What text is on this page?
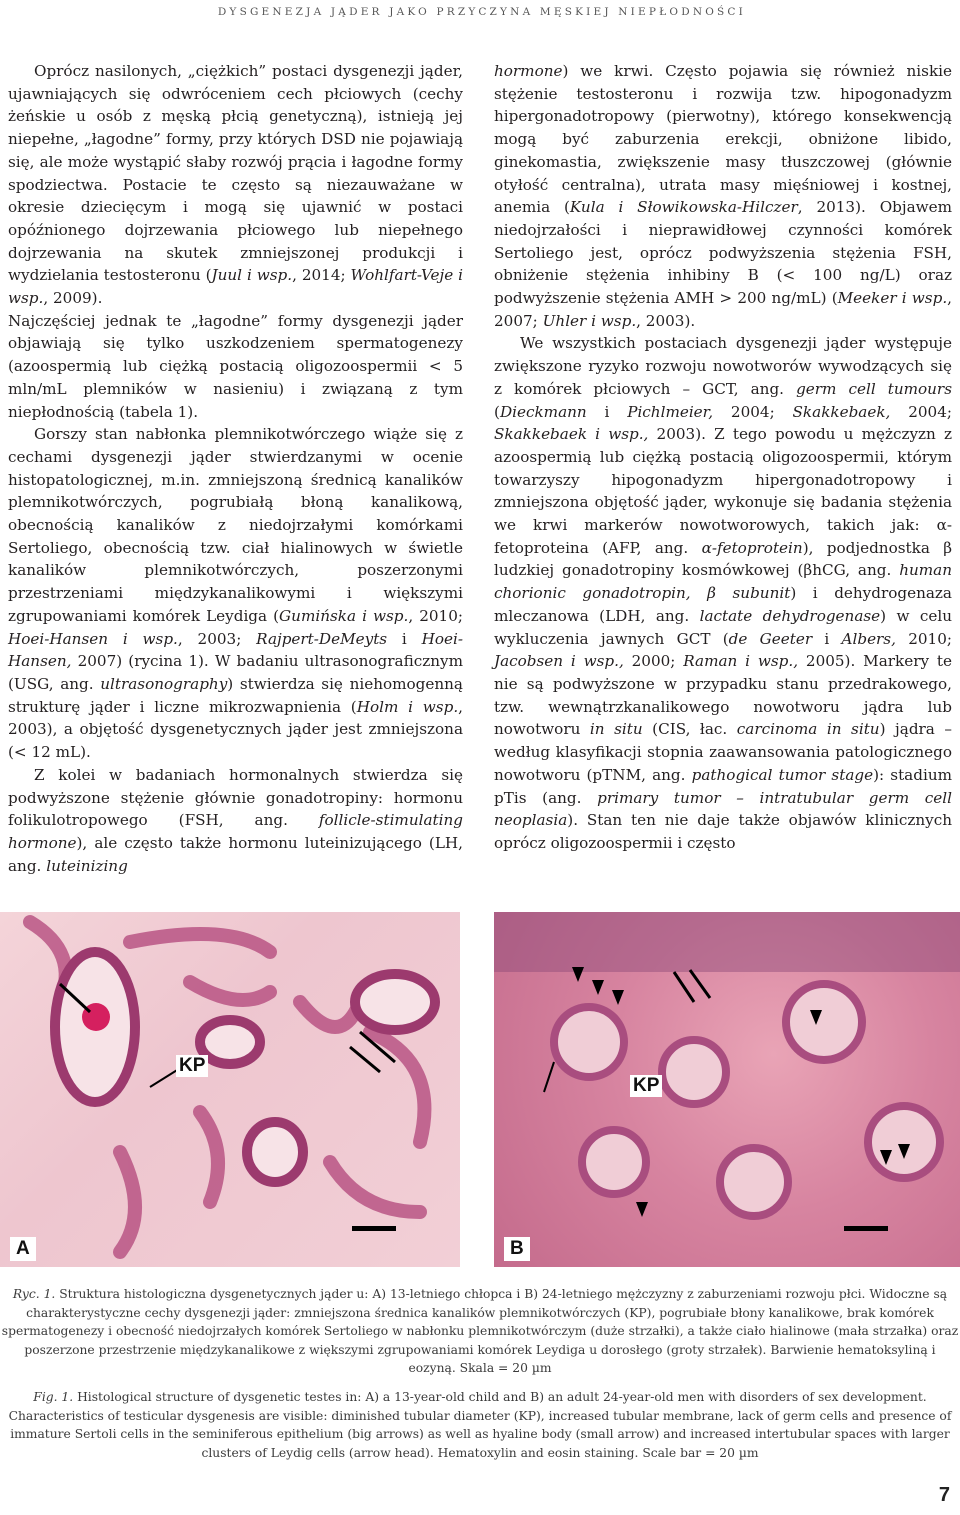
DYSGENEZJA JĄDER JAKO PRZYCZYNA MĘSKIEJ NIEPŁODNOŚCI

Oprócz nasilonych, „ciężkich” postaci dysgenezji jąder, ujawniających się odwróceniem cech płciowych (cechy żeńskie u osób z męską płcią genetyczną), istnieją jej niepełne, „łagodne” formy, przy których DSD nie pojawiają się, ale może wystąpić słaby rozwój prącia i łagodne formy spodziectwa. Postacie te często są niezauważane w okresie dziecięcym i mogą się ujawnić w postaci opóźnionego dojrzewania płciowego lub niepełnego dojrzewania na skutek zmniejszonej produkcji i wydzielania testosteronu (Juul i wsp., 2014; Wohlfart-Veje i wsp., 2009).

Najczęściej jednak te „łagodne” formy dysgenezji jąder objawiają się tylko uszkodzeniem spermatogenezy (azoospermią lub ciężką postacią oligozoospermii < 5 mln/mL plemników w nasieniu) i związaną z tym niepłodnością (tabela 1).

Gorszy stan nabłonka plemnikotwórczego wiąże się z cechami dysgenezji jąder stwierdzanymi w ocenie histopatologicznej, m.in. zmniejszoną średnicą kanalików plemnikotwórczych, pogrubiałą błoną kanalikową, obecnością kanalików z niedojrzałymi komórkami Sertoliego, obecnością tzw. ciał hialinowych w świetle kanalików plemnikotwórczych, poszerzonymi przestrzeniami międzykanalikowymi i większymi zgrupowaniami komórek Leydiga (Gumińska i wsp., 2010; Hoei-Hansen i wsp., 2003; Rajpert-DeMeyts i Hoei-Hansen, 2007) (rycina 1). W badaniu ultrasonograficznym (USG, ang. ultrasonography) stwierdza się niehomogenną strukturę jąder i liczne mikrozwapnienia (Holm i wsp., 2003), a objętość dysgenetycznych jąder jest zmniejszona (< 12 mL).

Z kolei w badaniach hormonalnych stwierdza się podwyższone stężenie głównie gonadotropiny: hormonu folikulotropowego (FSH, ang. follicle-stimulating hormone), ale często także hormonu luteinizującego (LH, ang. luteinizing

hormone) we krwi. Często pojawia się również niskie stężenie testosteronu i rozwija tzw. hipogonadyzm hipergonadotropowy (pierwotny), którego konsekwencją mogą być zaburzenia erekcji, obniżone libido, ginekomastia, zwiększenie masy tłuszczowej (głównie otyłość centralna), utrata masy mięśniowej i kostnej, anemia (Kula i Słowikowska-Hilczer, 2013). Objawem niedojrzałości i nieprawidłowej czynności komórek Sertoliego jest, oprócz podwyższenia stężenia FSH, obniżenie stężenia inhibiny B (< 100 ng/L) oraz podwyższenie stężenia AMH > 200 ng/mL) (Meeker i wsp., 2007; Uhler i wsp., 2003).

We wszystkich postaciach dysgenezji jąder występuje zwiększone ryzyko rozwoju nowotworów wywodzących się z komórek płciowych – GCT, ang. germ cell tumours (Dieckmann i Pichlmeier, 2004; Skakkebaek, 2004; Skakkebaek i wsp., 2003). Z tego powodu u mężczyzn z azoospermią lub ciężką postacią oligozoospermii, którym towarzyszy hipogonadyzm hipergonadotropowy i zmniejszona objętość jąder, wykonuje się badania stężenia we krwi markerów nowotworowych, takich jak: α-fetoproteina (AFP, ang. α-fetoprotein), podjednostka β ludzkiej gonadotropiny kosmówkowej (βhCG, ang. human chorionic gonadotropin, β subunit) i dehydrogenaza mleczanowa (LDH, ang. lactate dehydrogenase) w celu wykluczenia jawnych GCT (de Geeter i Albers, 2010; Jacobsen i wsp., 2000; Raman i wsp., 2005). Markery te nie są podwyższone w przypadku stanu przedrakowego, tzw. wewnątrzkanalikowego nowotworu jądra lub nowotworu in situ (CIS, łac. carcinoma in situ) jądra – według klasyfikacji stopnia zaawansowania patologicznego nowotworu (pTNM, ang. pathogical tumor stage): stadium pTis (ang. primary tumor – intratubular germ cell neoplasia). Stan ten nie daje także objawów klinicznych oprócz oligozoospermii i często

KP
A
KP
B
Ryc. 1. Struktura histologiczna dysgenetycznych jąder u: A) 13-letniego chłopca i B) 24-letniego mężczyzny z zaburzeniami rozwoju płci. Widoczne są charakterystyczne cechy dysgenezji jąder: zmniejszona średnica kanalików plemnikotwórczych (KP), pogrubiałe błony kanalikowe, brak komórek spermatogenezy i obecność niedojrzałych komórek Sertoliego w nabłonku plemnikotwórczym (duże strzałki), a także ciało hialinowe (mała strzałka) oraz poszerzone przestrzenie międzykanalikowe z większymi zgrupowaniami komórek Leydiga u dorosłego (groty strzałek). Barwienie hematoksyliną i eozyną. Skala = 20 µm
Fig. 1. Histological structure of dysgenetic testes in: A) a 13-year-old child and B) an adult 24-year-old men with disorders of sex development. Characteristics of testicular dysgenesis are visible: diminished tubular diameter (KP), increased tubular membrane, lack of germ cells and presence of immature Sertoli cells in the seminiferous epithelium (big arrows) as well as hyaline body (small arrow) and increased intertubular spaces with larger clusters of Leydig cells (arrow head). Hematoxylin and eosin staining. Scale bar = 20 µm
7
